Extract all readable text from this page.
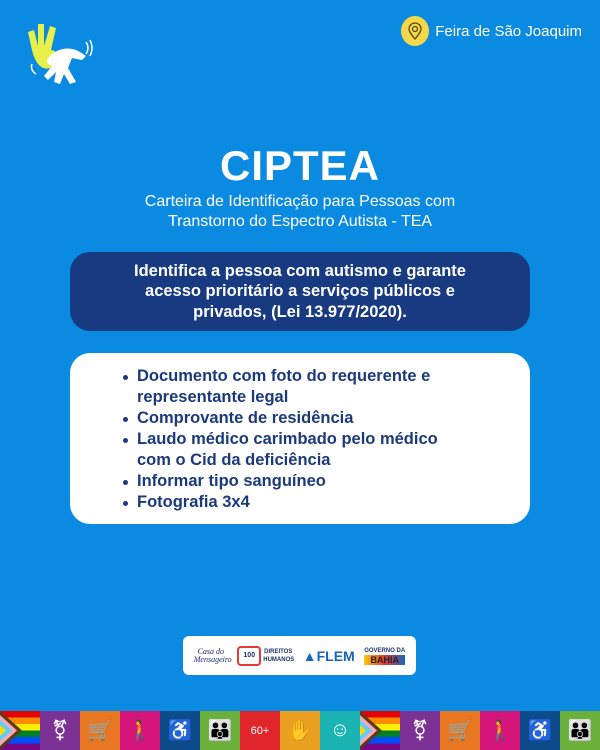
Feira de São Joaquim
CIPTEA
Carteira de Identificação para Pessoas com
Transtorno do Espectro Autista - TEA
Identifica a pessoa com autismo e garante
acesso prioritário a serviços públicos e
privados, (Lei 13.977/2020).
Documento com foto do requerente e
representante legal
Comprovante de residência
Laudo médico carimbado pelo médico
com o Cid da deficiência
Informar tipo sanguíneo
Fotografia 3x4
Casa do Mensageiro	100	DIREITOS HUMANOS ▲FLEM GOVERNO DA
BAHIA
⚧ 🛒 🚶 ♿ 👪	60+ ✋ ☺	⚧ 🛒 🚶 ♿ 👪
